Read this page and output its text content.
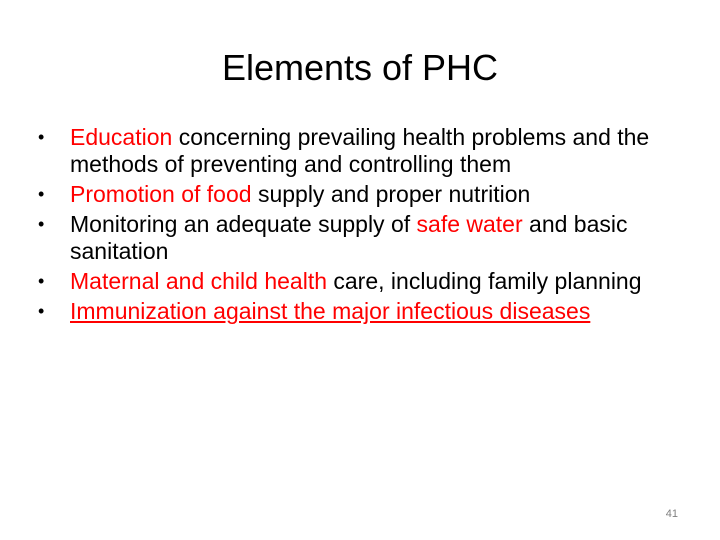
Elements of PHC
•	Education concerning prevailing health problems and the methods of preventing and controlling them
•	Promotion of food supply and proper nutrition
•	Monitoring an adequate supply of safe water and basic sanitation
•	Maternal and child health care, including family planning
•	Immunization against the major infectious diseases
41
